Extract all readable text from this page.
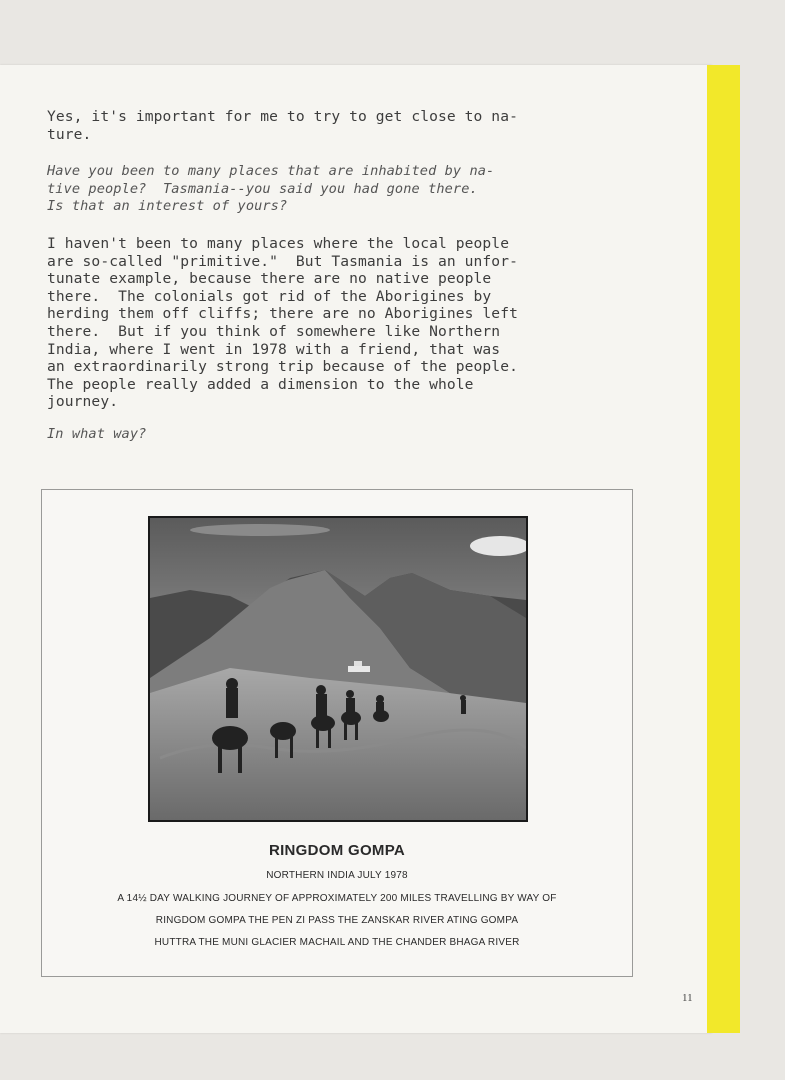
Yes, it's important for me to try to get close to na-
ture.

Have you been to many places that are inhabited by na-
tive people?  Tasmania--you said you had gone there.
Is that an interest of yours?

I haven't been to many places where the local people
are so-called "primitive."  But Tasmania is an unfor-
tunate example, because there are no native people
there.  The colonials got rid of the Aborigines by
herding them off cliffs; there are no Aborigines left
there.  But if you think of somewhere like Northern
India, where I went in 1978 with a friend, that was
an extraordinarily strong trip because of the people.
The people really added a dimension to the whole
journey.

In what way?

RINGDOM GOMPA

NORTHERN INDIA JULY 1978

A 14½ DAY WALKING JOURNEY OF APPROXIMATELY 200 MILES TRAVELLING BY WAY OF

RINGDOM GOMPA THE PEN ZI PASS THE ZANSKAR RIVER ATING GOMPA

HUTTRA THE MUNI GLACIER MACHAIL AND THE CHANDER BHAGA RIVER

11
